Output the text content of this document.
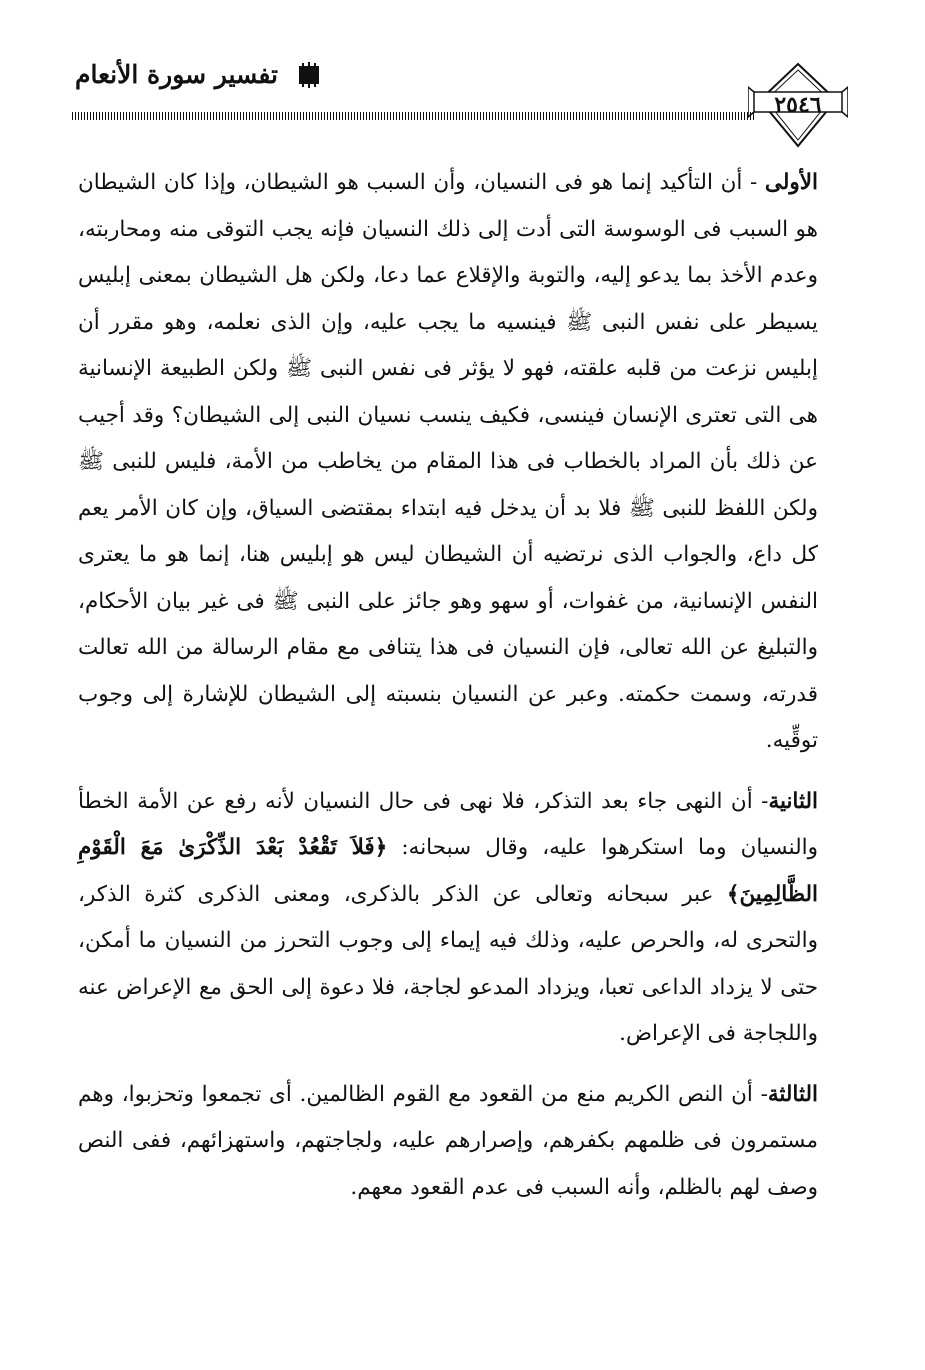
تفسير سورة الأنعام
٢٥٤٦

الأولى - أن التأكيد إنما هو فى النسيان، وأن السبب هو الشيطان، وإذا كان الشيطان هو السبب فى الوسوسة التى أدت إلى ذلك النسيان فإنه يجب التوقى منه ومحاربته، وعدم الأخذ بما يدعو إليه، والتوبة والإقلاع عما دعا، ولكن هل الشيطان بمعنى إبليس يسيطر على نفس النبى ﷺ فينسيه ما يجب عليه، وإن الذى نعلمه، وهو مقرر أن إبليس نزعت من قلبه علقته، فهو لا يؤثر فى نفس النبى ﷺ ولكن الطبيعة الإنسانية هى التى تعترى الإنسان فينسى، فكيف ينسب نسيان النبى إلى الشيطان؟ وقد أجيب عن ذلك بأن المراد بالخطاب فى هذا المقام من يخاطب من الأمة، فليس للنبى ﷺ ولكن اللفظ للنبى ﷺ فلا بد أن يدخل فيه ابتداء بمقتضى السياق، وإن كان الأمر يعم كل داع، والجواب الذى نرتضيه أن الشيطان ليس هو إبليس هنا، إنما هو ما يعترى النفس الإنسانية، من غفوات، أو سهو وهو جائز على النبى ﷺ فى غير بيان الأحكام، والتبليغ عن الله تعالى، فإن النسيان فى هذا يتنافى مع مقام الرسالة من الله تعالت قدرته، وسمت حكمته. وعبر عن النسيان بنسبته إلى الشيطان للإشارة إلى وجوب توقِّيه.

الثانية- أن النهى جاء بعد التذكر، فلا نهى فى حال النسيان لأنه رفع عن الأمة الخطأ والنسيان وما استكرهوا عليه، وقال سبحانه: ﴿فَلاَ تَقْعُدْ بَعْدَ الذِّكْرَىٰ مَعَ الْقَوْمِ الظَّالِمِينَ﴾ عبر سبحانه وتعالى عن الذكر بالذكرى، ومعنى الذكرى كثرة الذكر، والتحرى له، والحرص عليه، وذلك فيه إيماء إلى وجوب التحرز من النسيان ما أمكن، حتى لا يزداد الداعى تعبا، ويزداد المدعو لجاجة، فلا دعوة إلى الحق مع الإعراض عنه واللجاجة فى الإعراض.

الثالثة- أن النص الكريم منع من القعود مع القوم الظالمين. أى تجمعوا وتحزبوا، وهم مستمرون فى ظلمهم بكفرهم، وإصرارهم عليه، ولجاجتهم، واستهزائهم، ففى النص وصف لهم بالظلم، وأنه السبب فى عدم القعود معهم.
